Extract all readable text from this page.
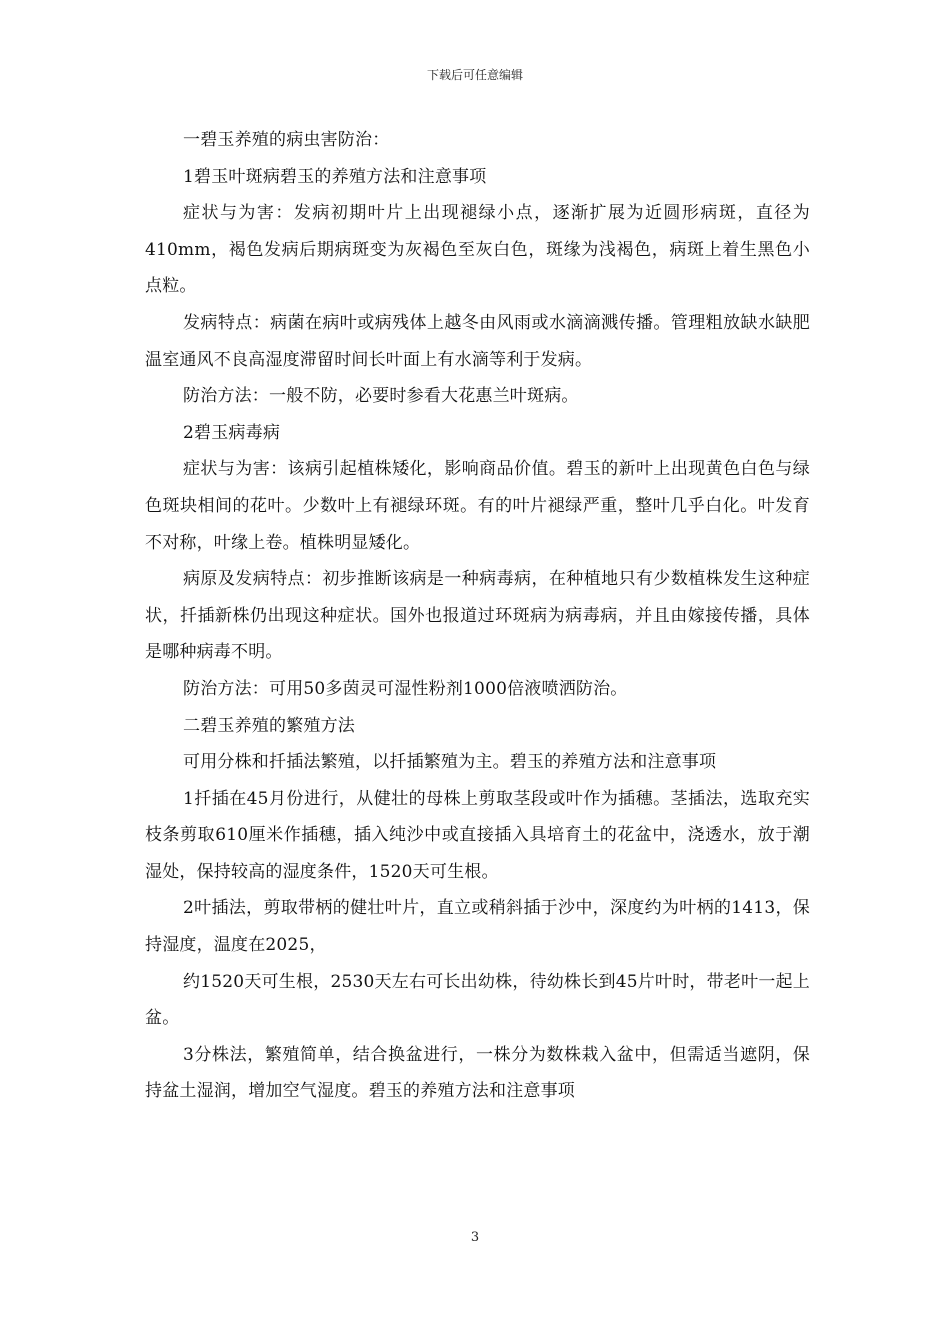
下载后可任意编辑

一碧玉养殖的病虫害防治：

1碧玉叶斑病碧玉的养殖方法和注意事项

症状与为害：发病初期叶片上出现褪绿小点，逐渐扩展为近圆形病斑，直径为410mm，褐色发病后期病斑变为灰褐色至灰白色，斑缘为浅褐色，病斑上着生黑色小点粒。

发病特点：病菌在病叶或病残体上越冬由风雨或水滴滴溅传播。管理粗放缺水缺肥温室通风不良高湿度滞留时间长叶面上有水滴等利于发病。

防治方法：一般不防，必要时参看大花惠兰叶斑病。

2碧玉病毒病

症状与为害：该病引起植株矮化，影响商品价值。碧玉的新叶上出现黄色白色与绿色斑块相间的花叶。少数叶上有褪绿环斑。有的叶片褪绿严重，整叶几乎白化。叶发育不对称，叶缘上卷。植株明显矮化。

病原及发病特点：初步推断该病是一种病毒病，在种植地只有少数植株发生这种症状，扦插新株仍出现这种症状。国外也报道过环斑病为病毒病，并且由嫁接传播，具体是哪种病毒不明。

防治方法：可用50多茵灵可湿性粉剂1000倍液喷洒防治。

二碧玉养殖的繁殖方法

可用分株和扦插法繁殖，以扦插繁殖为主。碧玉的养殖方法和注意事项

1扦插在45月份进行，从健壮的母株上剪取茎段或叶作为插穗。茎插法，选取充实枝条剪取610厘米作插穗，插入纯沙中或直接插入具培育土的花盆中，浇透水，放于潮湿处，保持较高的湿度条件，1520天可生根。

2叶插法，剪取带柄的健壮叶片，直立或稍斜插于沙中，深度约为叶柄的1413，保持湿度，温度在2025，

约1520天可生根，2530天左右可长出幼株，待幼株长到45片叶时，带老叶一起上盆。

3分株法，繁殖简单，结合换盆进行，一株分为数株栽入盆中，但需适当遮阴，保持盆土湿润，增加空气湿度。碧玉的养殖方法和注意事项

3
